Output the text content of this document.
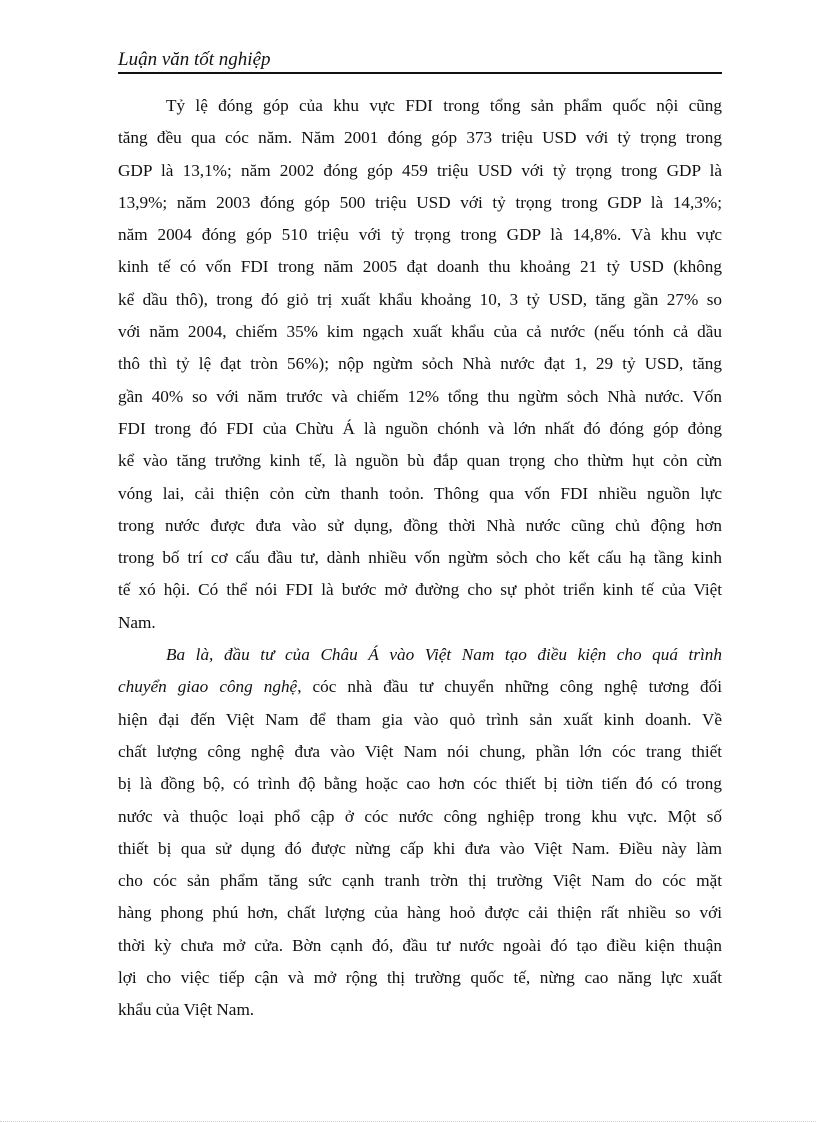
Luận văn tốt nghiệp
Tỷ lệ đóng góp của khu vực FDI trong tổng sản phẩm quốc nội cũng
tăng đều qua cóc năm. Năm 2001 đóng góp 373 triệu USD với tỷ trọng trong
GDP là 13,1%; năm 2002 đóng góp 459 triệu USD với tỷ trọng trong GDP là
13,9%; năm 2003 đóng góp 500 triệu USD với tỷ trọng trong GDP là 14,3%;
năm 2004 đóng góp 510 triệu với tỷ trọng trong GDP là 14,8%. Và khu vực
kinh tế có vốn FDI trong năm 2005 đạt doanh thu khoảng 21 tỷ USD (không
kể dầu thô), trong đó giỏ trị xuất khẩu khoảng 10, 3 tỷ USD, tăng gần 27% so
với năm 2004, chiếm 35% kim ngạch xuất khẩu của cả nước (nếu tónh cả dầu
thô thì tỷ lệ đạt tròn 56%); nộp ngừm sỏch Nhà nước đạt 1, 29 tỷ USD, tăng
gần 40% so với năm trước và chiếm 12% tổng thu ngừm sỏch Nhà nước. Vốn
FDI trong đó FDI của Chừu Á là nguồn chónh và lớn nhất đó đóng góp đỏng
kể vào tăng trưởng kinh tế, là nguồn bù đắp quan trọng cho thừm hụt cỏn cừn
vóng lai, cải thiện cỏn cừn thanh toỏn. Thông qua vốn FDI nhiều nguồn lực
trong nước được đưa vào sử dụng, đồng thời Nhà nước cũng chủ động hơn
trong bố trí cơ cấu đầu tư, dành nhiều vốn ngừm sỏch cho kết cấu hạ tầng kinh
tế xó hội. Có thể nói FDI là bước mở đường cho sự phỏt triển kinh tế của Việt
Nam.
Ba là, đầu tư của Châu Á vào Việt Nam tạo điều kiện cho quá trình
chuyển giao công nghệ, cóc nhà đầu tư chuyển những công nghệ tương đối
hiện đại đến Việt Nam để tham gia vào quỏ trình sản xuất kinh doanh. Về
chất lượng công nghệ đưa vào Việt Nam nói chung, phần lớn cóc trang thiết
bị là đồng bộ, có trình độ bằng hoặc cao hơn cóc thiết bị tiờn tiến đó có trong
nước và thuộc loại phổ cập ở cóc nước công nghiệp trong khu vực. Một số
thiết bị qua sử dụng đó được nừng cấp khi đưa vào Việt Nam. Điều này làm
cho cóc sản phẩm tăng sức cạnh tranh trờn thị trường Việt Nam do cóc mặt
hàng phong phú hơn, chất lượng của hàng hoỏ được cải thiện rất nhiều so với
thời kỳ chưa mở cửa. Bờn cạnh đó, đầu tư nước ngoài đó tạo điều kiện thuận
lợi cho việc tiếp cận và mở rộng thị trường quốc tế, nừng cao năng lực xuất
khẩu của Việt Nam.
